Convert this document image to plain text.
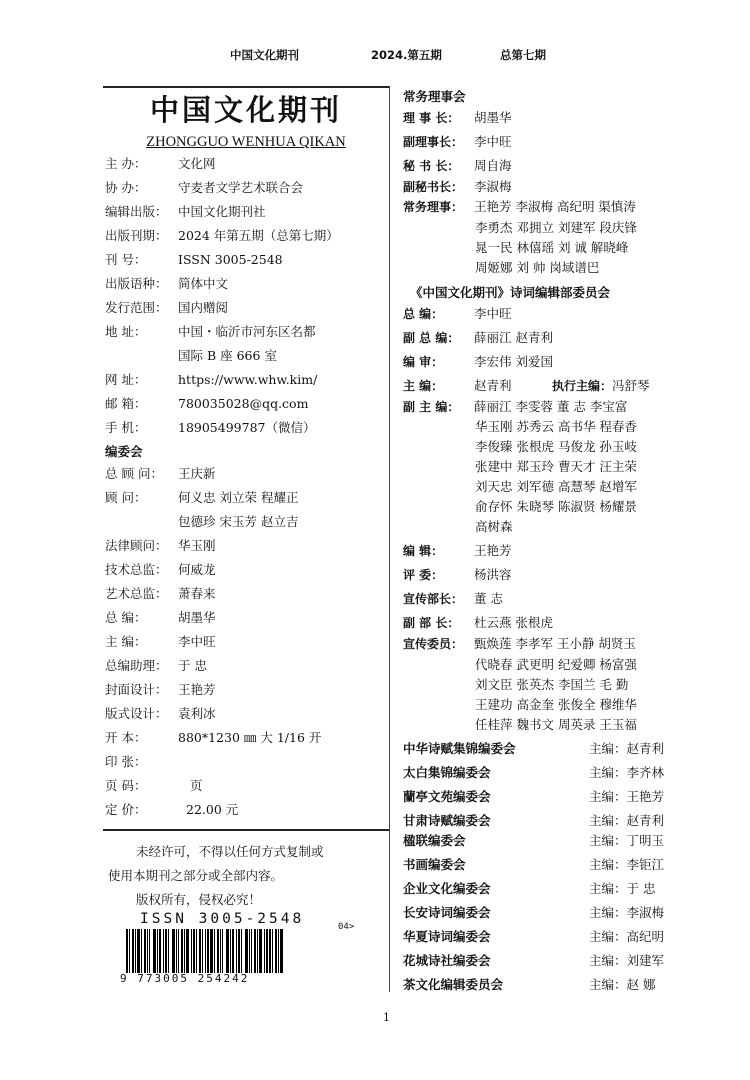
中国文化期刊	2024.第五期	总第七期
中国文化期刊
ZHONGGUO WENHUA QIKAN
主 办：	文化网
协 办：	守麦者文学艺术联合会
编辑出版： 中国文化期刊社
出版刊期： 2024 年第五期（总第七期）
刊 号：	ISSN 3005-2548
出版语种： 简体中文
发行范围： 国内赠阅
地 址：	中国・临沂市河东区名都
国际 B 座 666 室
网 址：	https://www.whw.kim/
邮 箱：	780035028@qq.com
手 机：	18905499787（微信）
编委会
总 顾 问： 王庆新
顾 问：	何义忠 刘立荣 程耀正
包德珍 宋玉芳 赵立吉
法律顾问： 华玉刚
技术总监： 何威龙
艺术总监： 萧春来
总 编：	胡墨华
主 编：	李中旺
总编助理： 于 忠
封面设计： 王艳芳
版式设计： 袁利冰
开 本：	880*1230 ㎜ 大 1/16 开
印 张：
页 码：	页
定 价：	22.00 元
未经许可，不得以任何方式复制或
使用本期刊之部分或全部内容。
版权所有，侵权必究！
ISSN 3005-2548	04>
9 773005 254242
常务理事会
理 事 长： 胡墨华
副理事长： 李中旺
秘 书 长： 周自海
副秘书长： 李淑梅
常务理事： 王艳芳 李淑梅 高纪明 渠慎涛
李勇杰 邓拥立 刘建军 段庆锋
晁一民 林僖瑶 刘 诚 解晓峰
周姬娜 刘 帅 岗域谱巴
《中国文化期刊》诗词编辑部委员会
总 编： 李中旺
副 总 编： 薛丽江 赵青利
编 审： 李宏伟 刘爱国
主 编： 赵青利	执行主编：冯舒琴
副 主 编： 薛丽江 李雯蓉 董 志 李宝富
华玉刚 苏秀云 高书华 程春香
李俊臻 张根虎 马俊龙 孙玉岐
张建中 郑玉玲 曹天才 汪主荣
刘天忠 刘军德 高慧琴 赵增军
俞存怀 朱晓琴 陈淑贤 杨耀景
高树森
编 辑： 王艳芳
评 委： 杨洪容
宣传部长： 董 志
副 部 长： 杜云燕 张根虎
宣传委员： 甄焕莲 李孝军 王小静 胡贤玉
代晓春 武更明 纪爱卿 杨富强
刘文臣 张英杰 李国兰 毛 勤
王建功 高金奎 张俊全 穆维华
任桂萍 魏书文 周英录 王玉福
中华诗赋集锦编委会	主编：赵青利
太白集锦编委会	主编：李齐林
蘭亭文苑编委会	主编：王艳芳
甘肃诗赋编委会	主编：赵青利
楹联编委会	主编：丁明玉
书画编委会	主编：李钜江
企业文化编委会	主编：于 忠
长安诗词编委会	主编：李淑梅
华夏诗词编委会	主编：高纪明
花城诗社编委会	主编：刘建军
茶文化编辑委员会	主编：赵 娜
1
